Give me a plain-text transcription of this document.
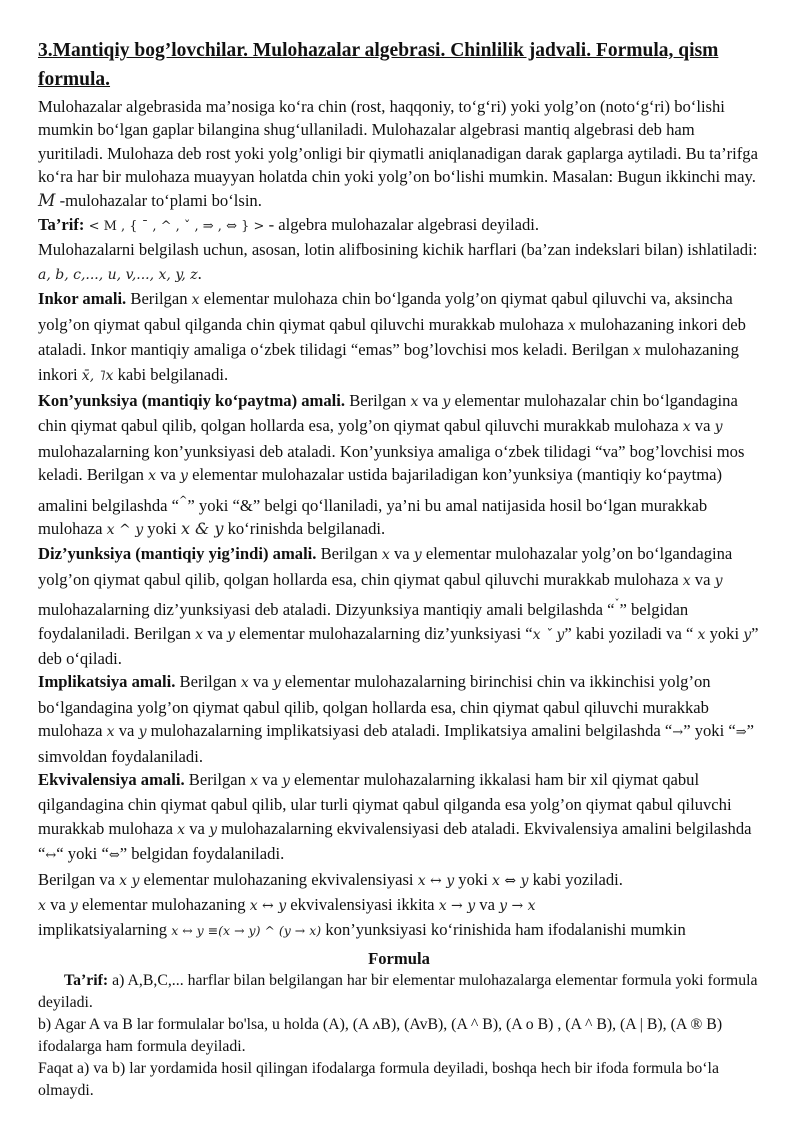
3.Mantiqiy bog’lovchilar. Mulohazalar algebrasi. Chinlilik jadvali. Formula, qism formula.

Mulohazalar algebrasida ma’nosiga ko‘ra chin (rost, haqqoniy, to‘g‘ri) yoki yolg’on (noto‘g‘ri) bo‘lishi mumkin bo‘lgan gaplar bilangina shug‘ullaniladi. Mulohazalar algebrasi mantiq algebrasi deb ham yuritiladi. Mulohaza deb rost yoki yolg’onligi bir qiymatli aniqlanadigan darak gaplarga aytiladi. Bu ta’rifga ko‘ra har bir mulohaza muayyan holatda chin yoki yolg’on bo‘lishi mumkin. Masalan: Bugun ikkinchi may. M -mulohazalar to‘plami bo‘lsin.

Ta’rif: < M , { ¯ , ^ , ˇ , ⇒ , ⇔ } > - algebra mulohazalar algebrasi deyiladi.

Mulohazalarni belgilash uchun, asosan, lotin alifbosining kichik harflari (ba’zan indekslari bilan) ishlatiladi: a, b, c,..., u, v,..., x, y, z.

Inkor amali. Berilgan x elementar mulohaza chin bo‘lganda yolg’on qiymat qabul qiluvchi va, aksincha yolg’on qiymat qabul qilganda chin qiymat qabul qiluvchi murakkab mulohaza x mulohazaning inkori deb ataladi. Inkor mantiqiy amaliga o‘zbek tilidagi “emas” bog’lovchisi mos keladi. Berilgan x mulohazaning inkori x̄, ˥x kabi belgilanadi.

Kon’yunksiya (mantiqiy ko‘paytma) amali. Berilgan x va y elementar mulohazalar chin bo‘lgandagina chin qiymat qabul qilib, qolgan hollarda esa, yolg’on qiymat qabul qiluvchi murakkab mulohaza x va y mulohazalarning kon’yunksiyasi deb ataladi. Kon’yunksiya amaliga o‘zbek tilidagi “va” bog’lovchisi mos keladi. Berilgan x va y elementar mulohazalar ustida bajariladigan kon’yunksiya (mantiqiy ko‘paytma) amalini belgilashda “^” yoki “&” belgi qo‘llaniladi, ya’ni bu amal natijasida hosil bo‘lgan murakkab mulohaza x ^ y yoki x & y ko‘rinishda belgilanadi.

Diz’yunksiya (mantiqiy yig’indi) amali. Berilgan x va y elementar mulohazalar yolg’on bo‘lgandagina yolg’on qiymat qabul qilib, qolgan hollarda esa, chin qiymat qabul qiluvchi murakkab mulohaza x va y mulohazalarning diz’yunksiyasi deb ataladi. Dizyunksiya mantiqiy amali belgilashda “$^ˇ$” belgidan foydalaniladi. Berilgan x va y elementar mulohazalarning diz’yunksiyasi “x ˇ y” kabi yoziladi va “ x yoki y” deb o‘qiladi.

Implikatsiya amali. Berilgan x va y elementar mulohazalarning birinchisi chin va ikkinchisi yolg’on bo‘lgandagina yolg’on qiymat qabul qilib, qolgan hollarda esa, chin qiymat qabul qiluvchi murakkab mulohaza x va y mulohazalarning implikatsiyasi deb ataladi. Implikatsiya amalini belgilashda “→” yoki “⇒” simvoldan foydalaniladi.

Ekvivalensiya amali. Berilgan x va y elementar mulohazalarning ikkalasi ham bir xil qiymat qabul qilgandagina chin qiymat qabul qilib, ular turli qiymat qabul qilganda esa yolg’on qiymat qabul qiluvchi murakkab mulohaza x va y mulohazalarning ekvivalensiyasi deb ataladi. Ekvivalensiya amalini belgilashda “↔“ yoki “⇔” belgidan foydalaniladi.
Berilgan va x y elementar mulohazaning ekvivalensiyasi x ↔ y yoki x ⇔ y kabi yoziladi.
x va y elementar mulohazaning x ↔ y ekvivalensiyasi ikkita x → y va y → x
implikatsiyalarning x ↔ y ≡(x → y) ^ (y → x) kon’yunksiyasi ko‘rinishida ham ifodalanishi mumkin

Formula

Ta’rif: a) A,B,C,... harflar bilan belgilangan har bir elementar mulohazalarga elementar formula yoki formula deyiladi.

b) Agar A va B lar formulalar bo'lsa, u holda (A), (A ʌB), (AvB), (A ^ B), (A o B) , (A ^ B), (A | B), (A ® B) ifodalarga ham formula deyiladi.

Faqat a) va b) lar yordamida hosil qilingan ifodalarga formula deyiladi, boshqa hech bir ifoda formula bo‘la olmaydi.
